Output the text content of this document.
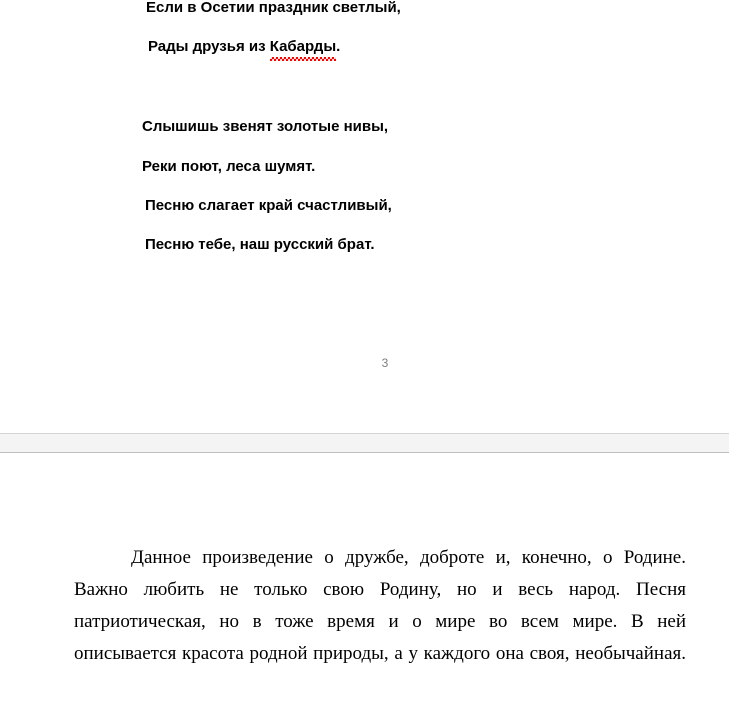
Если в Осетии праздник светлый,
Рады друзья из Кабарды.
Слышишь звенят золотые нивы,
Реки поют, леса шумят.
Песню слагает край счастливый,
Песню тебе, наш русский брат.
3

Данное произведение о дружбе, доброте и, конечно, о Родине. Важно любить не только свою Родину, но и весь народ. Песня патриотическая, но в тоже время и о мире во всем мире. В ней описывается красота родной природы, а у каждого она своя, необычайная.
